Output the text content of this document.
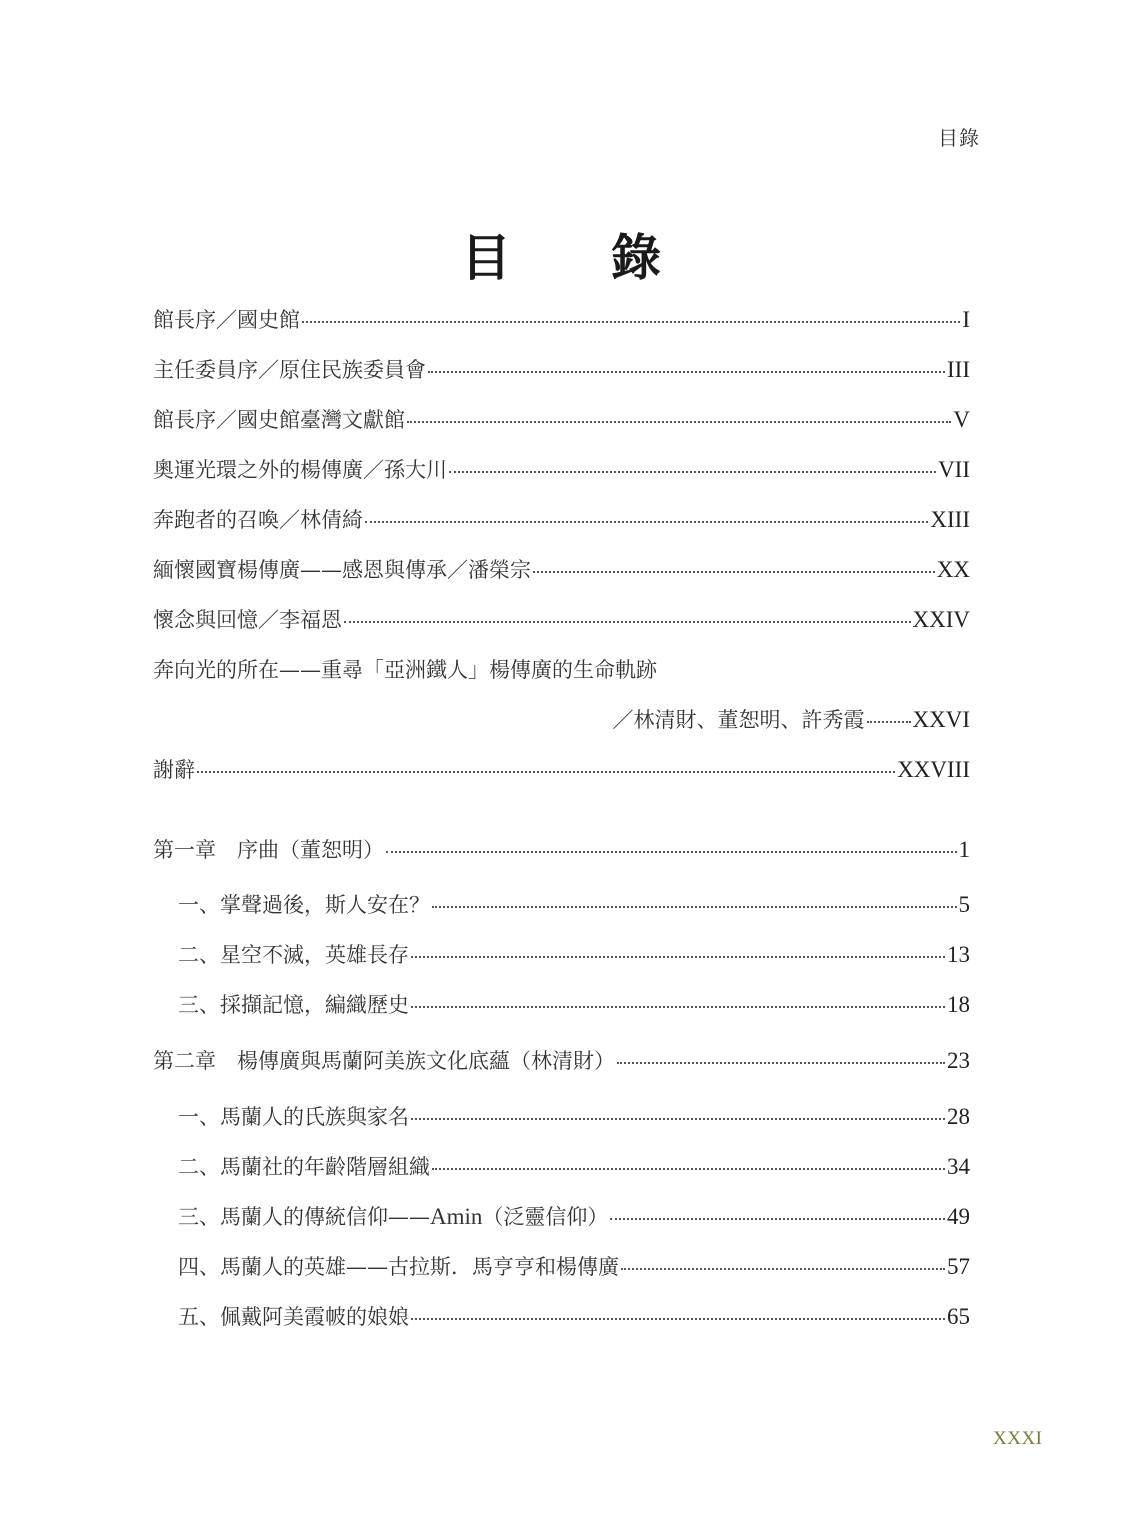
目錄
目 錄
館長序／國史館	I
主任委員序／原住民族委員會	III
館長序／國史館臺灣文獻館	V
奧運光環之外的楊傳廣／孫大川	VII
奔跑者的召喚／林倩綺	XIII
緬懷國寶楊傳廣——感恩與傳承／潘榮宗	XX
懷念與回憶／李福恩	XXIV
奔向光的所在——重尋「亞洲鐵人」楊傳廣的生命軌跡
／林清財、董恕明、許秀霞 XXVI
謝辭	XXVIII
第一章　序曲（董恕明）	1
一、掌聲過後，斯人安在？	5
二、星空不滅，英雄長存	13
三、採擷記憶，編織歷史	18
第二章　楊傳廣與馬蘭阿美族文化底蘊（林清財）	23
一、馬蘭人的氏族與家名	28
二、馬蘭社的年齡階層組織	34
三、馬蘭人的傳統信仰——Amin（泛靈信仰）	49
四、馬蘭人的英雄——古拉斯．馬亨亨和楊傳廣	57
五、佩戴阿美霞帔的娘娘	65
XXXI
